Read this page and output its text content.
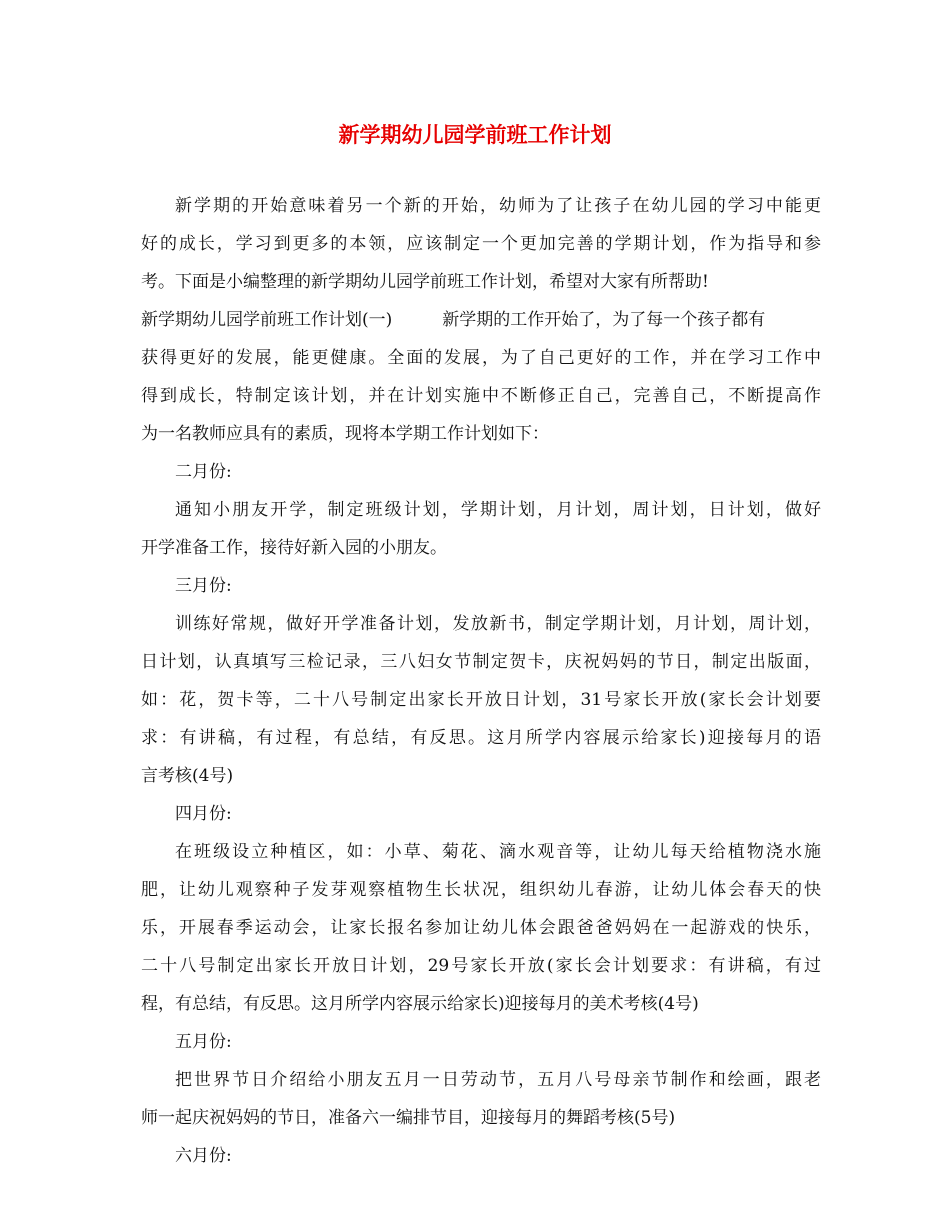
新学期幼儿园学前班工作计划
新学期的开始意味着另一个新的开始，幼师为了让孩子在幼儿园的学习中能更
好的成长，学习到更多的本领，应该制定一个更加完善的学期计划，作为指导和参
考。下面是小编整理的新学期幼儿园学前班工作计划，希望对大家有所帮助!
新学期幼儿园学前班工作计划(一)	新学期的工作开始了，为了每一个孩子都有
获得更好的发展，能更健康。全面的发展，为了自己更好的工作，并在学习工作中
得到成长，特制定该计划，并在计划实施中不断修正自己，完善自己，不断提高作
为一名教师应具有的素质，现将本学期工作计划如下：
二月份:
通知小朋友开学，制定班级计划，学期计划，月计划，周计划，日计划，做好
开学准备工作，接待好新入园的小朋友。
三月份:
训练好常规，做好开学准备计划，发放新书，制定学期计划，月计划，周计划，
日计划，认真填写三检记录，三八妇女节制定贺卡，庆祝妈妈的节日，制定出版面，
如：花，贺卡等，二十八号制定出家长开放日计划，31号家长开放(家长会计划要
求：有讲稿，有过程，有总结，有反思。这月所学内容展示给家长)迎接每月的语
言考核(4号)
四月份:
在班级设立种植区，如：小草、菊花、滴水观音等，让幼儿每天给植物浇水施
肥，让幼儿观察种子发芽观察植物生长状况，组织幼儿春游，让幼儿体会春天的快
乐，开展春季运动会，让家长报名参加让幼儿体会跟爸爸妈妈在一起游戏的快乐，
二十八号制定出家长开放日计划，29号家长开放(家长会计划要求：有讲稿，有过
程，有总结，有反思。这月所学内容展示给家长)迎接每月的美术考核(4号)
五月份:
把世界节日介绍给小朋友五月一日劳动节，五月八号母亲节制作和绘画，跟老
师一起庆祝妈妈的节日，准备六一编排节目，迎接每月的舞蹈考核(5号)
六月份:
